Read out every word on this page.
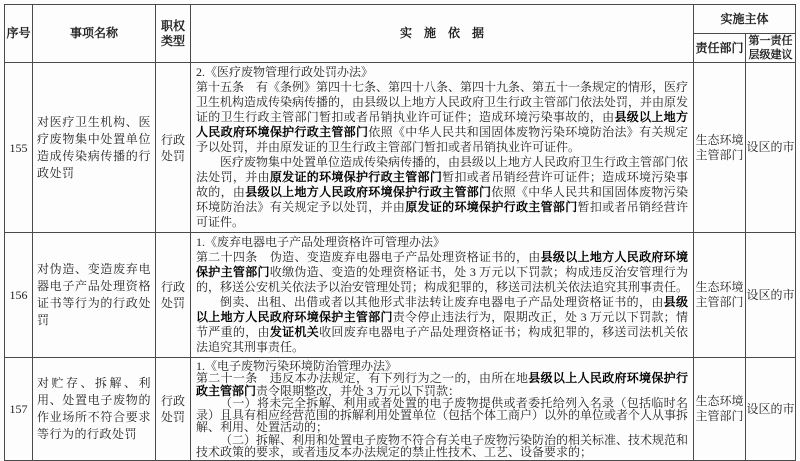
序号	事项名称	职权类型	实　施　依　据	实施主体	
				责任部门	第一责任层级建议
155	对医疗卫生机构、医疗废物集中处置单位造成传染病传播的行政处罚	行政处罚	2.《医疗废物管理行政处罚办法》

第十五条　有《条例》第四十七条、第四十八条、第四十九条、第五十一条规定的情形，医疗卫生机构造成传染病传播的，由县级以上地方人民政府卫生行政主管部门依法处罚，并由原发证的卫生行政主管部门暂扣或者吊销执业许可证件；造成环境污染事故的，由县级以上地方人民政府环境保护行政主管部门依照《中华人民共和国固体废物污染环境防治法》有关规定予以处罚，并由原发证的卫生行政主管部门暂扣或者吊销执业许可证件。

医疗废物集中处置单位造成传染病传播的，由县级以上地方人民政府卫生行政主管部门依法处罚，并由原发证的环境保护行政主管部门暂扣或者吊销经营许可证件；造成环境污染事故的，由县级以上地方人民政府环境保护行政主管部门依照《中华人民共和国固体废物污染环境防治法》有关规定予以处罚，并由原发证的环境保护行政主管部门暂扣或者吊销经营许可证件。	生态环境主管部门	设区的市
156	对伪造、变造废弃电器电子产品处理资格证书等行为的行政处罚	行政处罚	1.《废弃电器电子产品处理资格许可管理办法》

第二十四条　伪造、变造废弃电器电子产品处理资格证书的，由县级以上地方人民政府环境保护主管部门收缴伪造、变造的处理资格证书，处 3 万元以下罚款；构成违反治安管理行为的，移送公安机关依法予以治安管理处罚；构成犯罪的，移送司法机关依法追究其刑事责任。

倒卖、出租、出借或者以其他形式非法转让废弃电器电子产品处理资格证书的，由县级以上地方人民政府环境保护主管部门责令停止违法行为，限期改正，处 3 万元以下罚款；情节严重的，由发证机关收回废弃电器电子产品处理资格证书；构成犯罪的，移送司法机关依法追究其刑事责任。	生态环境主管部门	设区的市
157	对贮存、拆解、利用、处置电子废物的作业场所不符合要求等行为的行政处罚	行政处罚	1.《电子废物污染环境防治管理办法》

第二十一条　违反本办法规定，有下列行为之一的，由所在地县级以上人民政府环境保护行政主管部门责令限期整改，并处 3 万元以下罚款：

（一）将未完全拆解、利用或者处置的电子废物提供或者委托给列入名录（包括临时名录）且具有相应经营范围的拆解利用处置单位（包括个体工商户）以外的单位或者个人从事拆解、利用、处置活动的；

（二）拆解、利用和处置电子废物不符合有关电子废物污染防治的相关标准、技术规范和技术政策的要求，或者违反本办法规定的禁止性技术、工艺、设备要求的；	生态环境主管部门	设区的市
